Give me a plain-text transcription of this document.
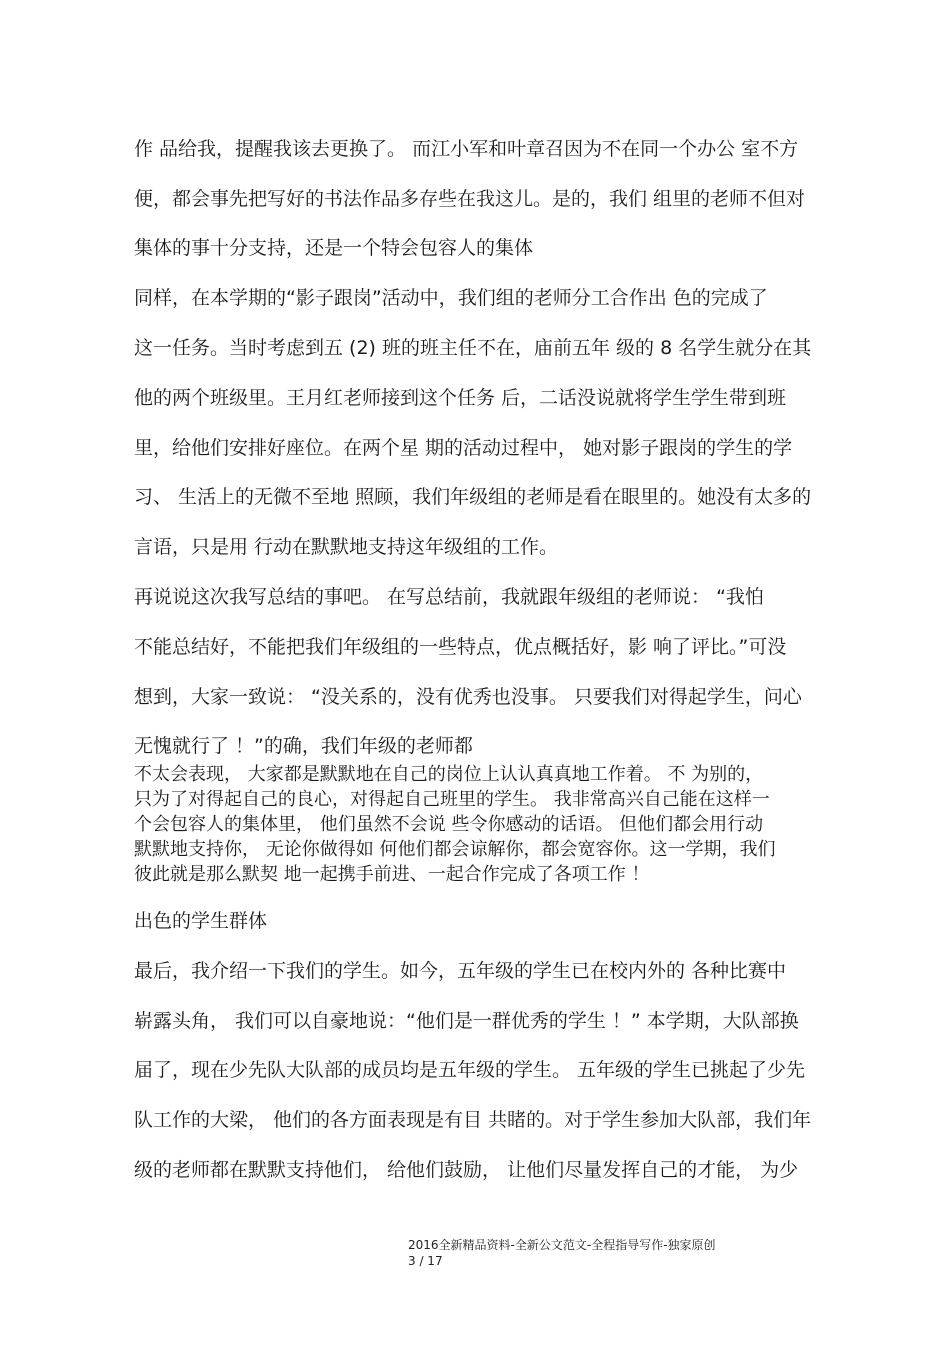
作 品给我，提醒我该去更换了。 而江小军和叶章召因为不在同一个办公 室不方
便，都会事先把写好的书法作品多存些在我这儿。是的，我们 组里的老师不但对
集体的事十分支持，还是一个特会包容人的集体
同样，在本学期的“影子跟岗”活动中，我们组的老师分工合作出 色的完成了
这一任务。当时考虑到五 (2) 班的班主任不在，庙前五年 级的 8 名学生就分在其
他的两个班级里。王月红老师接到这个任务 后，二话没说就将学生学生带到班
里，给他们安排好座位。在两个星 期的活动过程中， 她对影子跟岗的学生的学
习、 生活上的无微不至地 照顾，我们年级组的老师是看在眼里的。她没有太多的
言语，只是用 行动在默默地支持这年级组的工作。
再说说这次我写总结的事吧。 在写总结前，我就跟年级组的老师说： “我怕
不能总结好，不能把我们年级组的一些特点，优点概括好，影 响了评比。”可没
想到，大家一致说： “没关系的，没有优秀也没事。 只要我们对得起学生，问心
无愧就行了 ！”的确，我们年级的老师都
不太会表现， 大家都是默默地在自己的岗位上认认真真地工作着。 不 为别的，
只为了对得起自己的良心，对得起自己班里的学生。 我非常高兴自己能在这样一
个会包容人的集体里， 他们虽然不会说 些令你感动的话语。 但他们都会用行动
默默地支持你， 无论你做得如 何他们都会谅解你，都会宽容你。这一学期，我们
彼此就是那么默契 地一起携手前进、一起合作完成了各项工作 ！
出色的学生群体
最后，我介绍一下我们的学生。如今，五年级的学生已在校内外的 各种比赛中
崭露头角， 我们可以自豪地说：“他们是一群优秀的学生 ！” 本学期，大队部换
届了，现在少先队大队部的成员均是五年级的学生。 五年级的学生已挑起了少先
队工作的大梁， 他们的各方面表现是有目 共睹的。对于学生参加大队部，我们年
级的老师都在默默支持他们， 给他们鼓励， 让他们尽量发挥自己的才能， 为少
2016全新精品资料-全新公文范文-全程指导写作-独家原创
3 / 17
